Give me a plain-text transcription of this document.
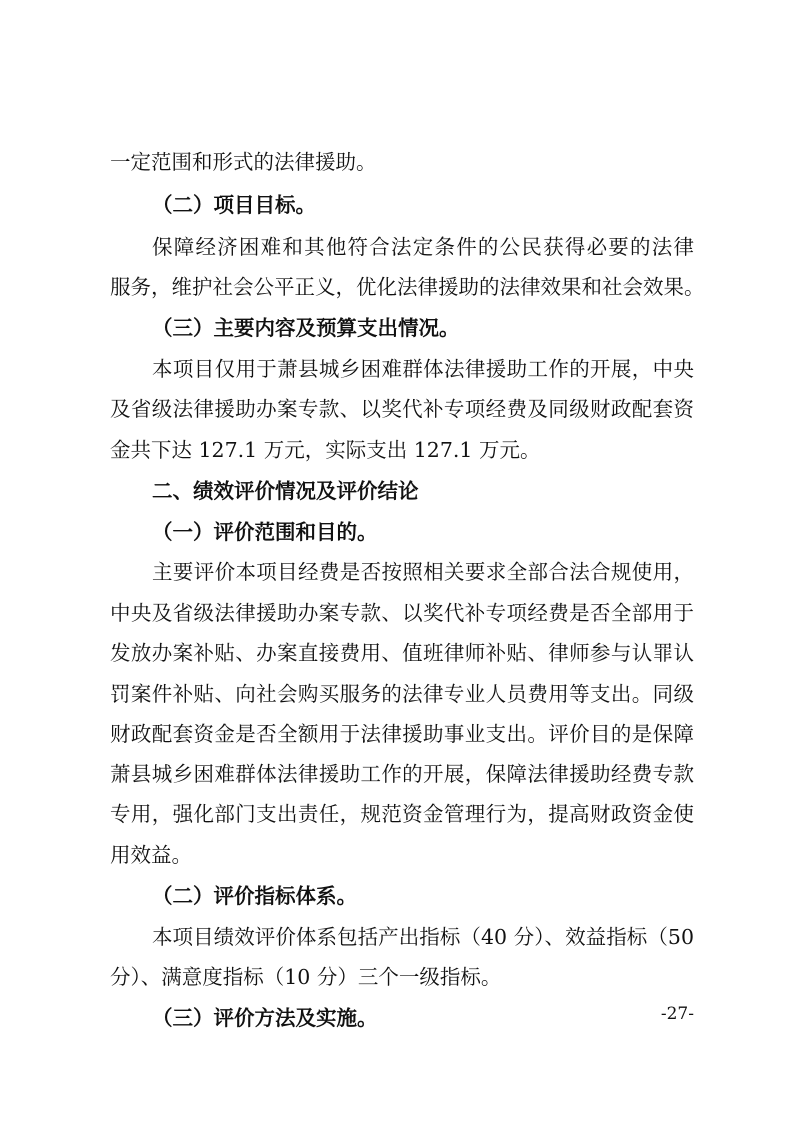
一定范围和形式的法律援助。
（二）项目目标。
保障经济困难和其他符合法定条件的公民获得必要的法律
服务，维护社会公平正义，优化法律援助的法律效果和社会效果。
（三）主要内容及预算支出情况。
本项目仅用于萧县城乡困难群体法律援助工作的开展，中央
及省级法律援助办案专款、以奖代补专项经费及同级财政配套资
金共下达 127.1 万元，实际支出 127.1 万元。
二、绩效评价情况及评价结论
（一）评价范围和目的。
主要评价本项目经费是否按照相关要求全部合法合规使用，
中央及省级法律援助办案专款、以奖代补专项经费是否全部用于
发放办案补贴、办案直接费用、值班律师补贴、律师参与认罪认
罚案件补贴、向社会购买服务的法律专业人员费用等支出。同级
财政配套资金是否全额用于法律援助事业支出。评价目的是保障
萧县城乡困难群体法律援助工作的开展，保障法律援助经费专款
专用，强化部门支出责任，规范资金管理行为，提高财政资金使
用效益。
（二）评价指标体系。
本项目绩效评价体系包括产出指标（40 分）、效益指标（50
分）、满意度指标（10 分）三个一级指标。
（三）评价方法及实施。	-27-
